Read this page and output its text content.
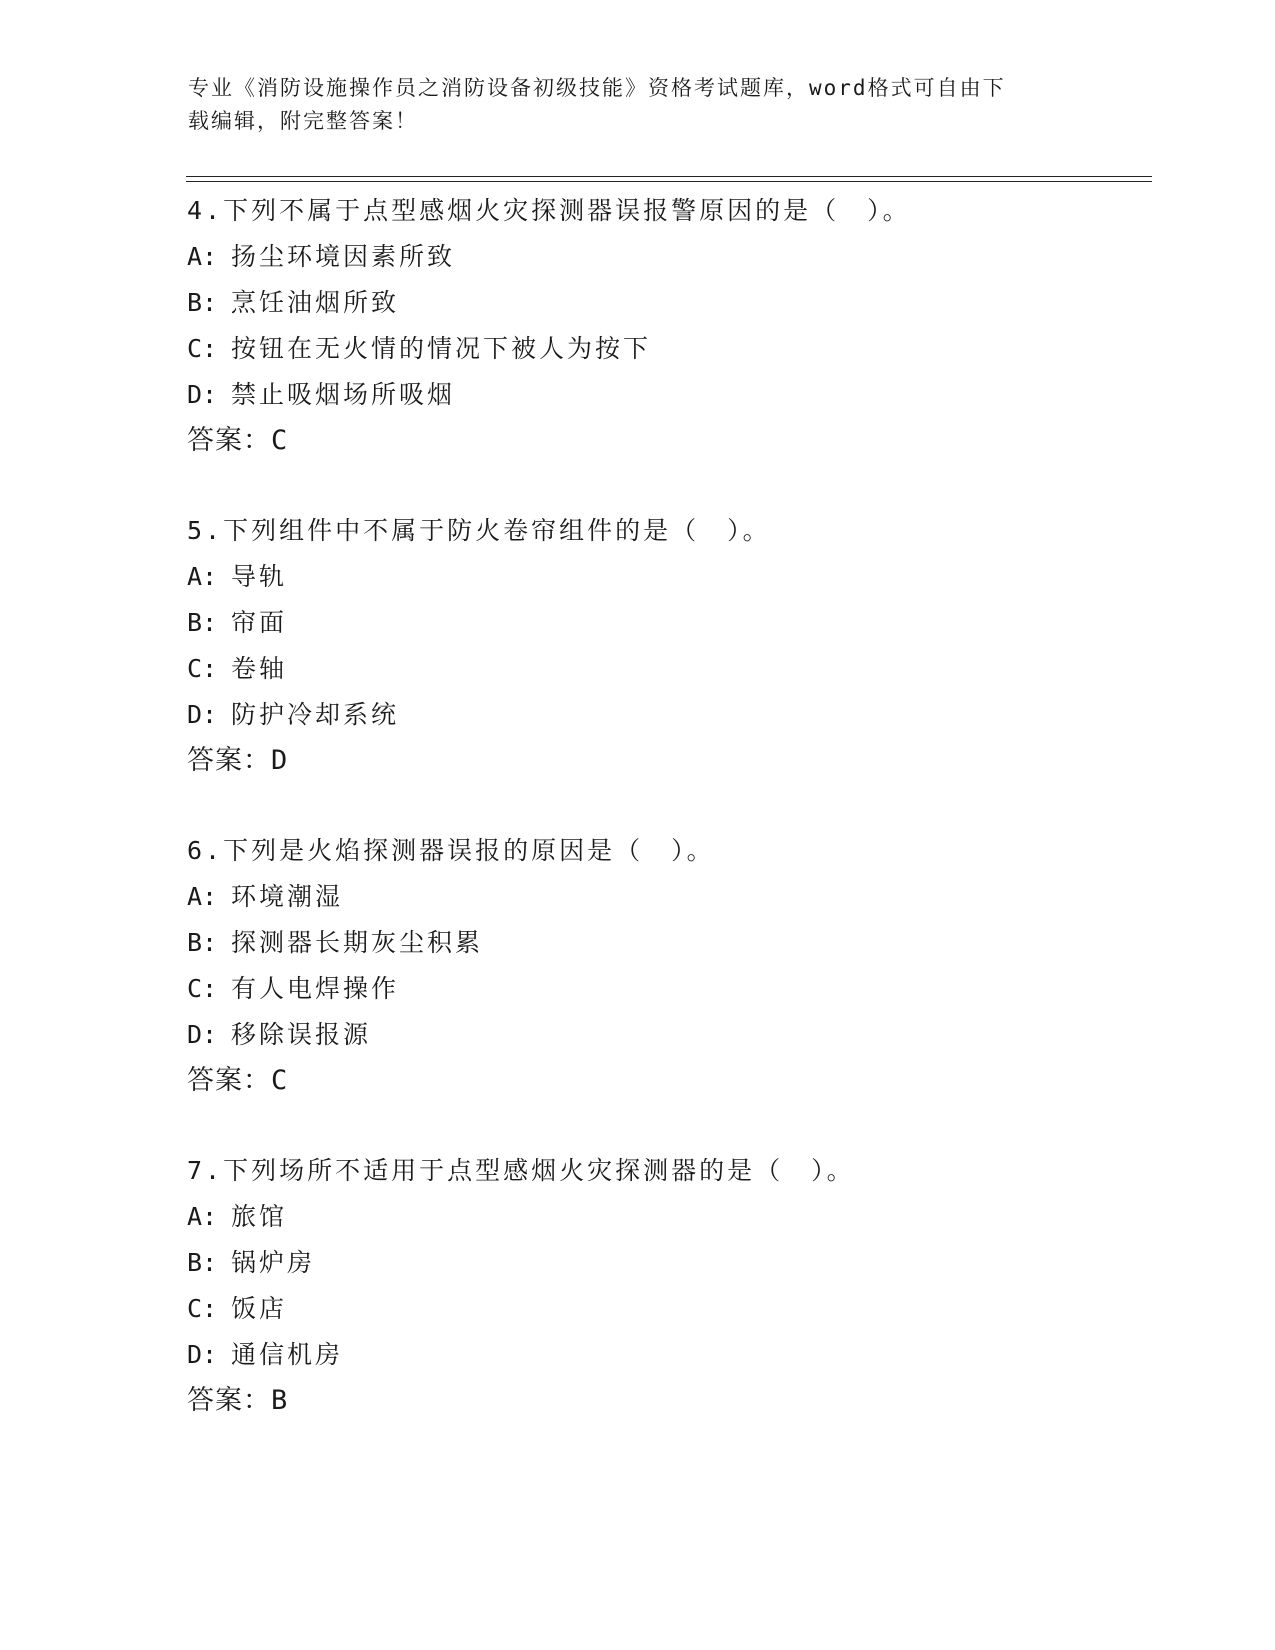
专业《消防设施操作员之消防设备初级技能》资格考试题库，word格式可自由下
载编辑，附完整答案！
4.下列不属于点型感烟火灾探测器误报警原因的是（　）。
A: 扬尘环境因素所致
B: 烹饪油烟所致
C: 按钮在无火情的情况下被人为按下
D: 禁止吸烟场所吸烟
答案：C
5.下列组件中不属于防火卷帘组件的是（　）。
A: 导轨
B: 帘面
C: 卷轴
D: 防护冷却系统
答案：D
6.下列是火焰探测器误报的原因是（　）。
A: 环境潮湿
B: 探测器长期灰尘积累
C: 有人电焊操作
D: 移除误报源
答案：C
7.下列场所不适用于点型感烟火灾探测器的是（　）。
A: 旅馆
B: 锅炉房
C: 饭店
D: 通信机房
答案：B
